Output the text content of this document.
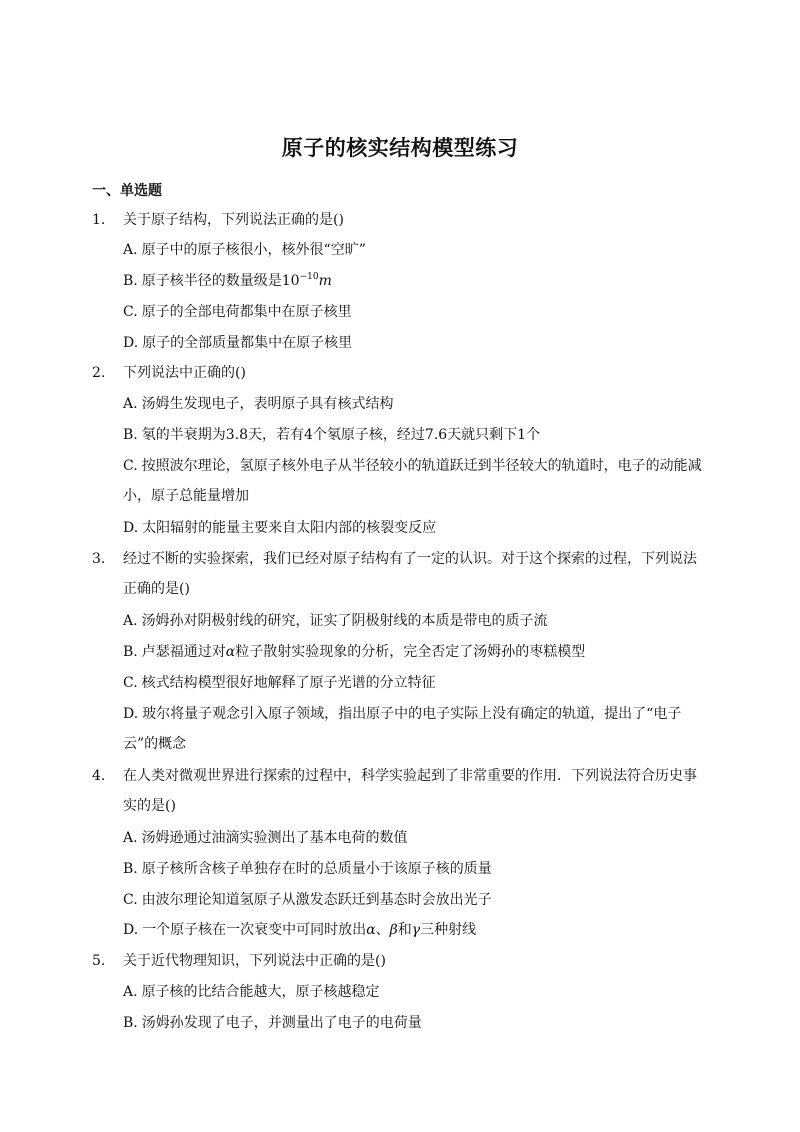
原子的核实结构模型练习
一、单选题
1. 关于原子结构，下列说法正确的是()
A. 原子中的原子核很小，核外很“空旷”
B. 原子核半径的数量级是$10^{-10}m$
C. 原子的全部电荷都集中在原子核里
D. 原子的全部质量都集中在原子核里
2. 下列说法中正确的()
A. 汤姆生发现电子，表明原子具有核式结构
B. 氡的半衰期为3.8天，若有4个氡原子核，经过7.6天就只剩下1个
C. 按照波尔理论，氢原子核外电子从半径较小的轨道跃迁到半径较大的轨道时，电子的动能减小，原子总能量增加
D. 太阳辐射的能量主要来自太阳内部的核裂变反应
3. 经过不断的实验探索，我们已经对原子结构有了一定的认识。对于这个探索的过程，下列说法正确的是()
A. 汤姆孙对阴极射线的研究，证实了阴极射线的本质是带电的质子流
B. 卢瑟福通过对α粒子散射实验现象的分析，完全否定了汤姆孙的枣糕模型
C. 核式结构模型很好地解释了原子光谱的分立特征
D. 玻尔将量子观念引入原子领域，指出原子中的电子实际上没有确定的轨道，提出了“电子云”的概念
4. 在人类对微观世界进行探索的过程中，科学实验起到了非常重要的作用．下列说法符合历史事实的是()
A. 汤姆逊通过油滴实验测出了基本电荷的数值
B. 原子核所含核子单独存在时的总质量小于该原子核的质量
C. 由波尔理论知道氢原子从激发态跃迁到基态时会放出光子
D. 一个原子核在一次衰变中可同时放出α、β和γ三种射线
5. 关于近代物理知识，下列说法中正确的是()
A. 原子核的比结合能越大，原子核越稳定
B. 汤姆孙发现了电子，并测量出了电子的电荷量
